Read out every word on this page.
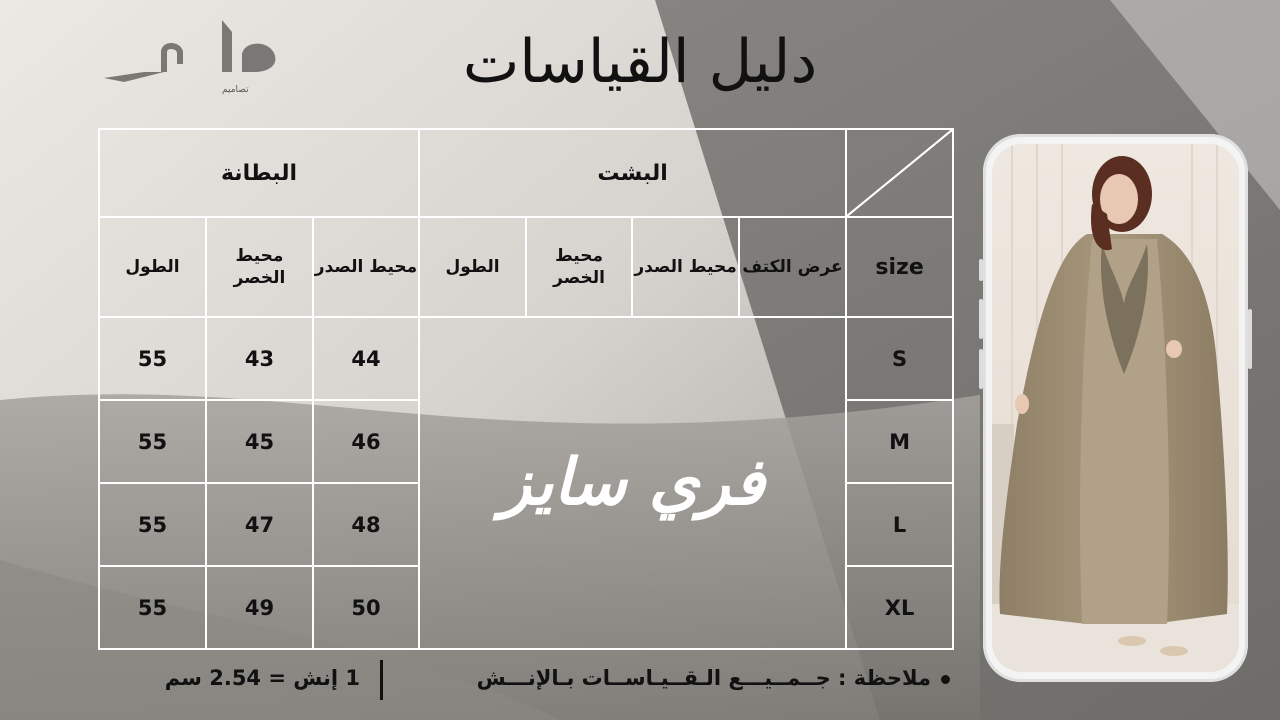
تصاميم	دليل القياسات
البطانة			البشت	

الطول	محيط الخصر	محيط الصدر	الطول	محيط الخصر	محيط الصدر	عرض الكتف	size
55	43	44	فري سايز				S
55	45	46					M
55	47	48					L
55	49	50					XL
ملاحظة : جــمــيـــع الـقــيـاســات بـالإنـــش
1 إنش = 2.54 سم
